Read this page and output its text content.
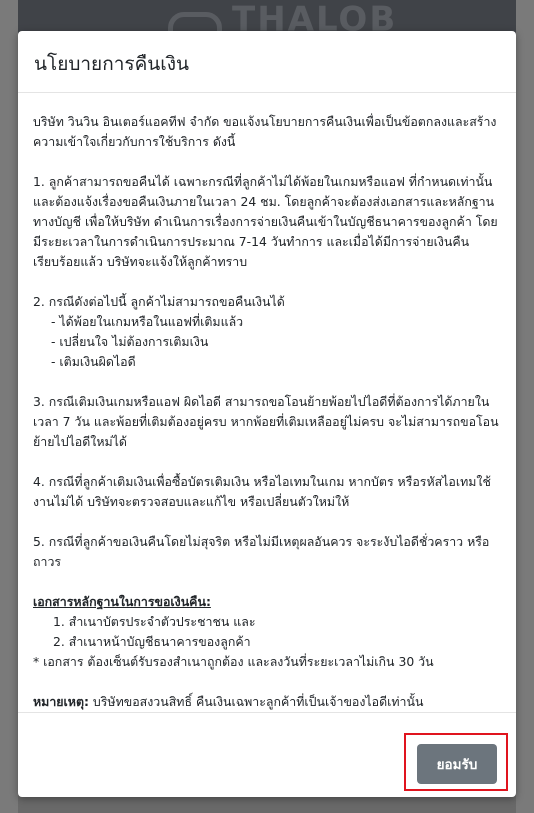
นโยบายการคืนเงิน

บริษัท วินวิน อินเตอร์แอคทีฟ จำกัด ขอแจ้งนโยบายการคืนเงินเพื่อเป็นข้อตกลงและสร้างความเข้าใจเกี่ยวกับการใช้บริการ ดังนี้

1. ลูกค้าสามารถขอคืนได้ เฉพาะกรณีที่ลูกค้าไม่ได้พ้อยในเกมหรือแอฟ ที่กำหนดเท่านั้น และต้องแจ้งเรื่องขอคืนเงินภายในเวลา 24 ชม. โดยลูกค้าจะต้องส่งเอกสารและหลักฐานทางบัญชี เพื่อให้บริษัท ดำเนินการเรื่องการจ่ายเงินคืนเข้าในบัญชีธนาคารของลูกค้า โดยมีระยะเวลาในการดำเนินการประมาณ 7-14 วันทำการ และเมื่อได้มีการจ่ายเงินคืนเรียบร้อยแล้ว บริษัทจะแจ้งให้ลูกค้าทราบ

2. กรณีดังต่อไปนี้ ลูกค้าไม่สามารถขอคืนเงินได้
- ได้พ้อยในเกมหรือในแอฟที่เติมแล้ว
- เปลี่ยนใจ ไม่ต้องการเติมเงิน
- เติมเงินผิดไอดี

3. กรณีเติมเงินเกมหรือแอฟ ผิดไอดี สามารถขอโอนย้ายพ้อยไปไอดีที่ต้องการได้ภายในเวลา 7 วัน และพ้อยที่เติมต้องอยู่ครบ หากพ้อยที่เติมเหลืออยู่ไม่ครบ จะไม่สามารถขอโอนย้ายไปไอดีใหม่ได้

4. กรณีที่ลูกค้าเติมเงินเพื่อซื้อบัตรเติมเงิน หรือไอเทมในเกม หากบัตร หรือรหัสไอเทมใช้งานไม่ได้ บริษัทจะตรวจสอบและแก้ไข หรือเปลี่ยนตัวใหม่ให้

5. กรณีที่ลูกค้าขอเงินคืนโดยไม่สุจริต หรือไม่มีเหตุผลอันควร จะระงับไอดีชั่วคราว หรือถาวร

เอกสารหลักฐานในการขอเงินคืน:
1. สำเนาบัตรประจำตัวประชาชน และ
2. สำเนาหน้าบัญชีธนาคารของลูกค้า
* เอกสาร ต้องเซ็นต์รับรองสำเนาถูกต้อง และลงวันที่ระยะเวลาไม่เกิน 30 วัน

หมายเหตุ: บริษัทขอสงวนสิทธิ์ คืนเงินเฉพาะลูกค้าที่เป็นเจ้าของไอดีเท่านั้น

ยอมรับ
